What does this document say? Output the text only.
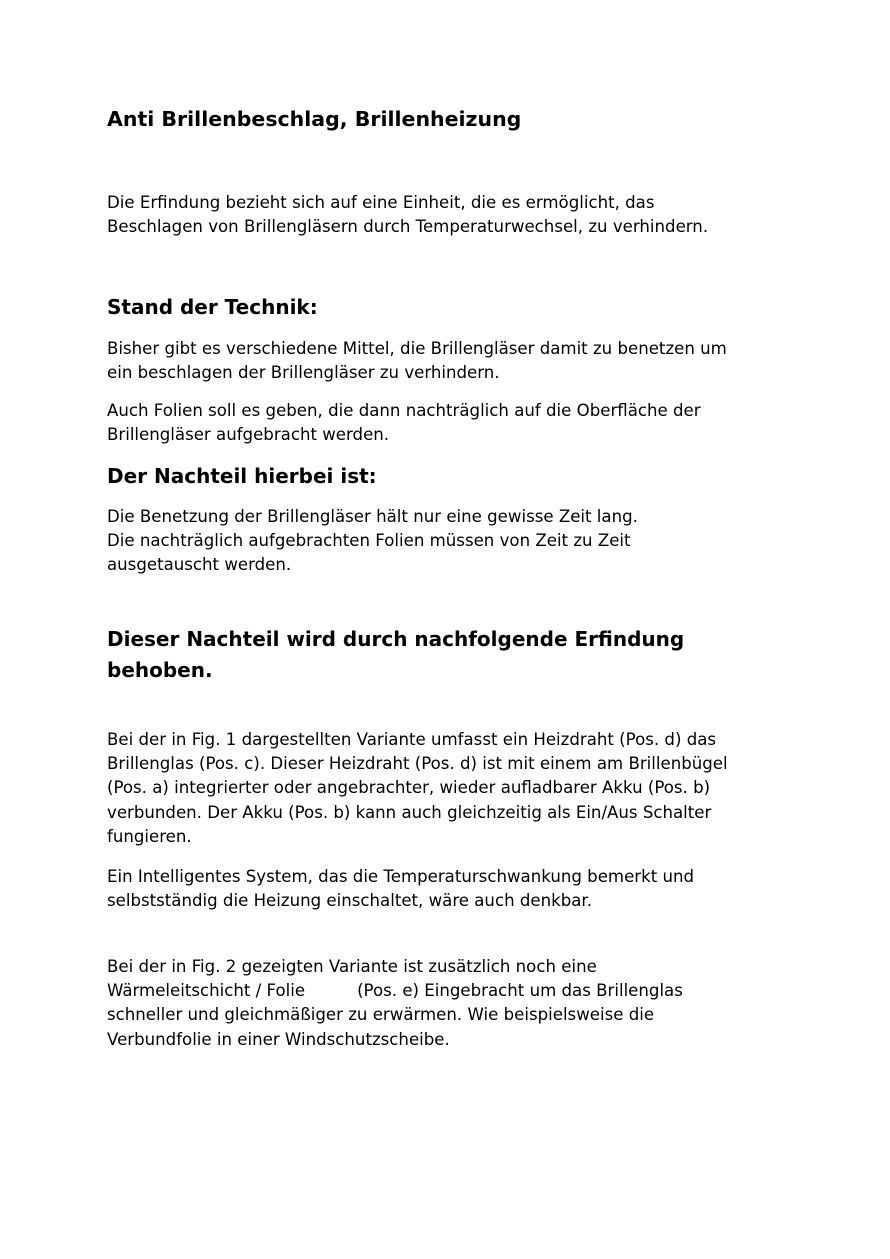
Anti Brillenbeschlag, Brillenheizung

Die Erfindung bezieht sich auf eine Einheit, die es ermöglicht, das
Beschlagen von Brillengläsern durch Temperaturwechsel, zu verhindern.

Stand der Technik:

Bisher gibt es verschiedene Mittel, die Brillengläser damit zu benetzen um
ein beschlagen der Brillengläser zu verhindern.

Auch Folien soll es geben, die dann nachträglich auf die Oberfläche der
Brillengläser aufgebracht werden.

Der Nachteil hierbei ist:

Die Benetzung der Brillengläser hält nur eine gewisse Zeit lang.
Die nachträglich aufgebrachten Folien müssen von Zeit zu Zeit
ausgetauscht werden.

Dieser Nachteil wird durch nachfolgende Erfindung
behoben.

Bei der in Fig. 1 dargestellten Variante umfasst ein Heizdraht (Pos. d) das
Brillenglas (Pos. c). Dieser Heizdraht (Pos. d) ist mit einem am Brillenbügel
(Pos. a) integrierter oder angebrachter, wieder aufladbarer Akku (Pos. b)
verbunden. Der Akku (Pos. b) kann auch gleichzeitig als Ein/Aus Schalter
fungieren.

Ein Intelligentes System, das die Temperaturschwankung bemerkt und
selbstständig die Heizung einschaltet, wäre auch denkbar.

Bei der in Fig. 2 gezeigten Variante ist zusätzlich noch eine
Wärmeleitschicht / Folie	(Pos. e) Eingebracht um das Brillenglas
schneller und gleichmäßiger zu erwärmen. Wie beispielsweise die
Verbundfolie in einer Windschutzscheibe.
